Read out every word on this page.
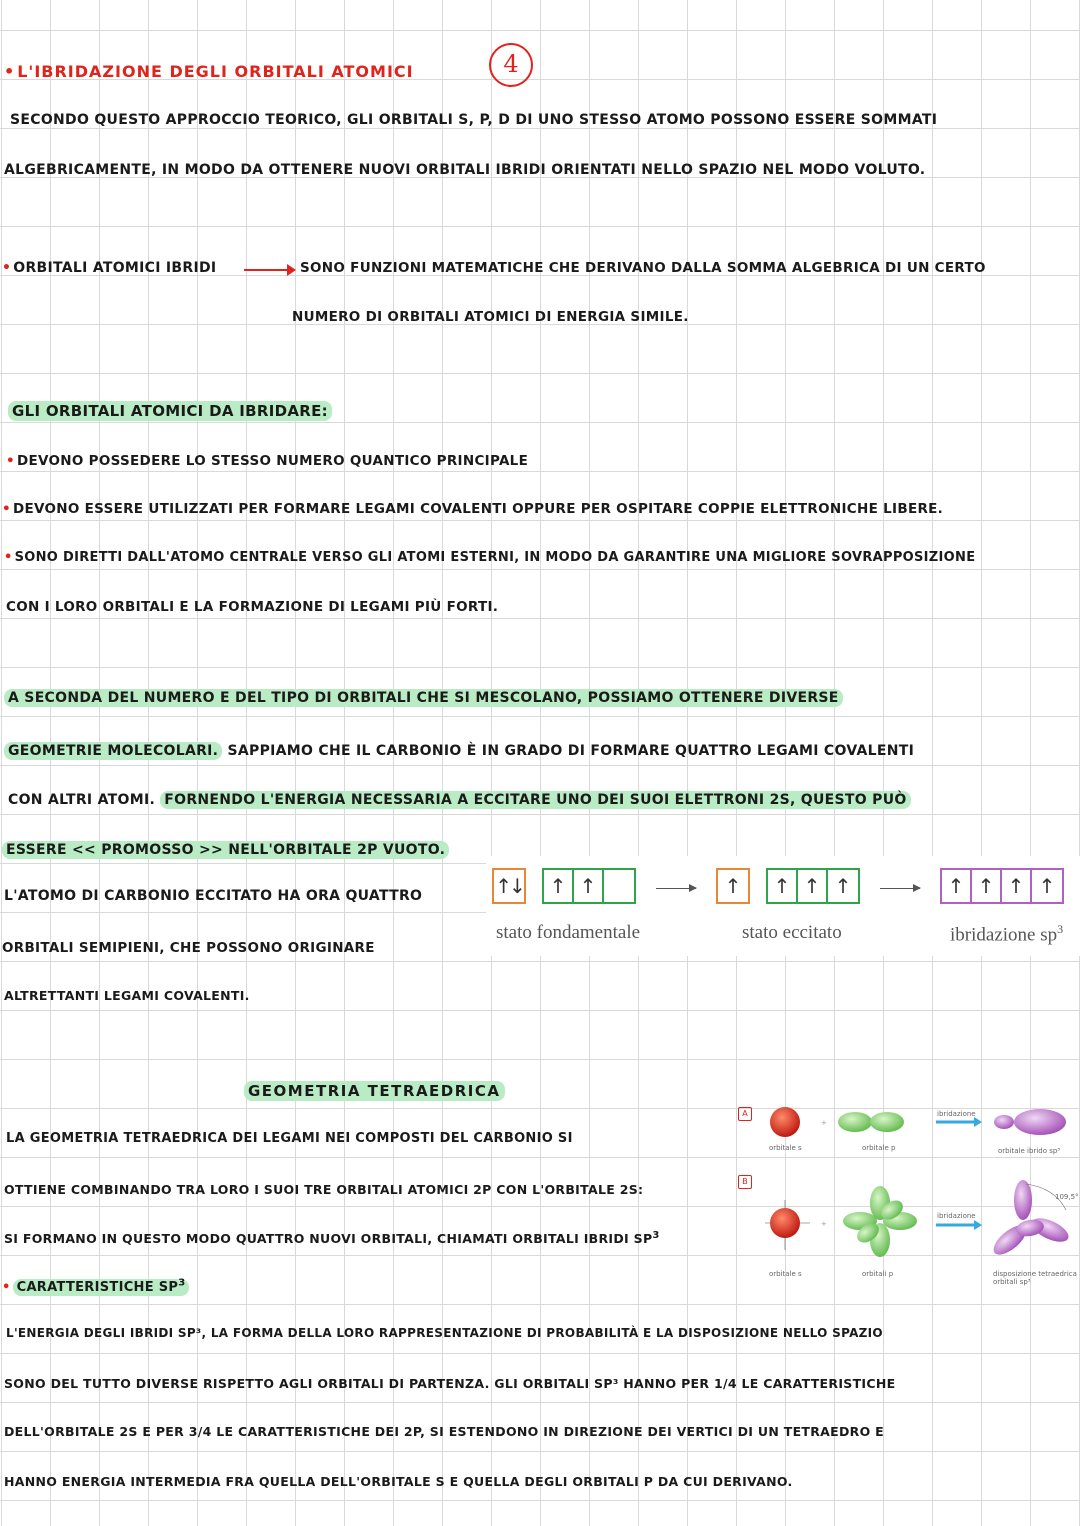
• L'IBRIDAZIONE DEGLI ORBITALI ATOMICI	4
SECONDO QUESTO APPROCCIO TEORICO, GLI ORBITALI S, P, D DI UNO STESSO ATOMO POSSONO ESSERE SOMMATI
ALGEBRICAMENTE, IN MODO DA OTTENERE NUOVI ORBITALI IBRIDI ORIENTATI NELLO SPAZIO NEL MODO VOLUTO.
• ORBITALI ATOMICI IBRIDI	SONO FUNZIONI MATEMATICHE CHE DERIVANO DALLA SOMMA ALGEBRICA DI UN CERTO
NUMERO DI ORBITALI ATOMICI DI ENERGIA SIMILE.
GLI ORBITALI ATOMICI DA IBRIDARE:
• DEVONO POSSEDERE LO STESSO NUMERO QUANTICO PRINCIPALE
• DEVONO ESSERE UTILIZZATI PER FORMARE LEGAMI COVALENTI OPPURE PER OSPITARE COPPIE ELETTRONICHE LIBERE.
• SONO DIRETTI DALL'ATOMO CENTRALE VERSO GLI ATOMI ESTERNI, IN MODO DA GARANTIRE UNA MIGLIORE SOVRAPPOSIZIONE
CON I LORO ORBITALI E LA FORMAZIONE DI LEGAMI PIÙ FORTI.
A SECONDA DEL NUMERO E DEL TIPO DI ORBITALI CHE SI MESCOLANO, POSSIAMO OTTENERE DIVERSE
GEOMETRIE MOLECOLARI. SAPPIAMO CHE IL CARBONIO È IN GRADO DI FORMARE QUATTRO LEGAMI COVALENTI
CON ALTRI ATOMI. FORNENDO L'ENERGIA NECESSARIA A ECCITARE UNO DEI SUOI ELETTRONI 2S, QUESTO PUÒ
ESSERE << PROMOSSO >> NELL'ORBITALE 2P VUOTO.
L'ATOMO DI CARBONIO ECCITATO HA ORA QUATTRO
ORBITALI SEMIPIENI, CHE POSSONO ORIGINARE
ALTRETTANTI LEGAMI COVALENTI.
↑↓ ↑ ↑
stato fondamentale
↑	↑ ↑ ↑
stato eccitato
↑ ↑ ↑ ↑
ibridazione $sp^3$
GEOMETRIA TETRAEDRICA
LA GEOMETRIA TETRAEDRICA DEI LEGAMI NEI COMPOSTI DEL CARBONIO SI
OTTIENE COMBINANDO TRA LORO I SUOI TRE ORBITALI ATOMICI 2P CON L'ORBITALE 2S:
SI FORMANO IN QUESTO MODO QUATTRO NUOVI ORBITALI, CHIAMATI ORBITALI IBRIDI $SP^3$
• CARATTERISTICHE $SP^3$
+
+
A
B
orbitale s	orbitale p
ibridazione
orbitale ibrido sp³
orbitale s	orbitali p
ibridazione
disposizione tetraedrica
orbitali sp³
109,5°
L'ENERGIA DEGLI IBRIDI SP³, LA FORMA DELLA LORO RAPPRESENTAZIONE DI PROBABILITÀ E LA DISPOSIZIONE NELLO SPAZIO
SONO DEL TUTTO DIVERSE RISPETTO AGLI ORBITALI DI PARTENZA. GLI ORBITALI SP³ HANNO PER 1/4 LE CARATTERISTICHE
DELL'ORBITALE 2S E PER 3/4 LE CARATTERISTICHE DEI 2P, SI ESTENDONO IN DIREZIONE DEI VERTICI DI UN TETRAEDRO E
HANNO ENERGIA INTERMEDIA FRA QUELLA DELL'ORBITALE S E QUELLA DEGLI ORBITALI P DA CUI DERIVANO.
